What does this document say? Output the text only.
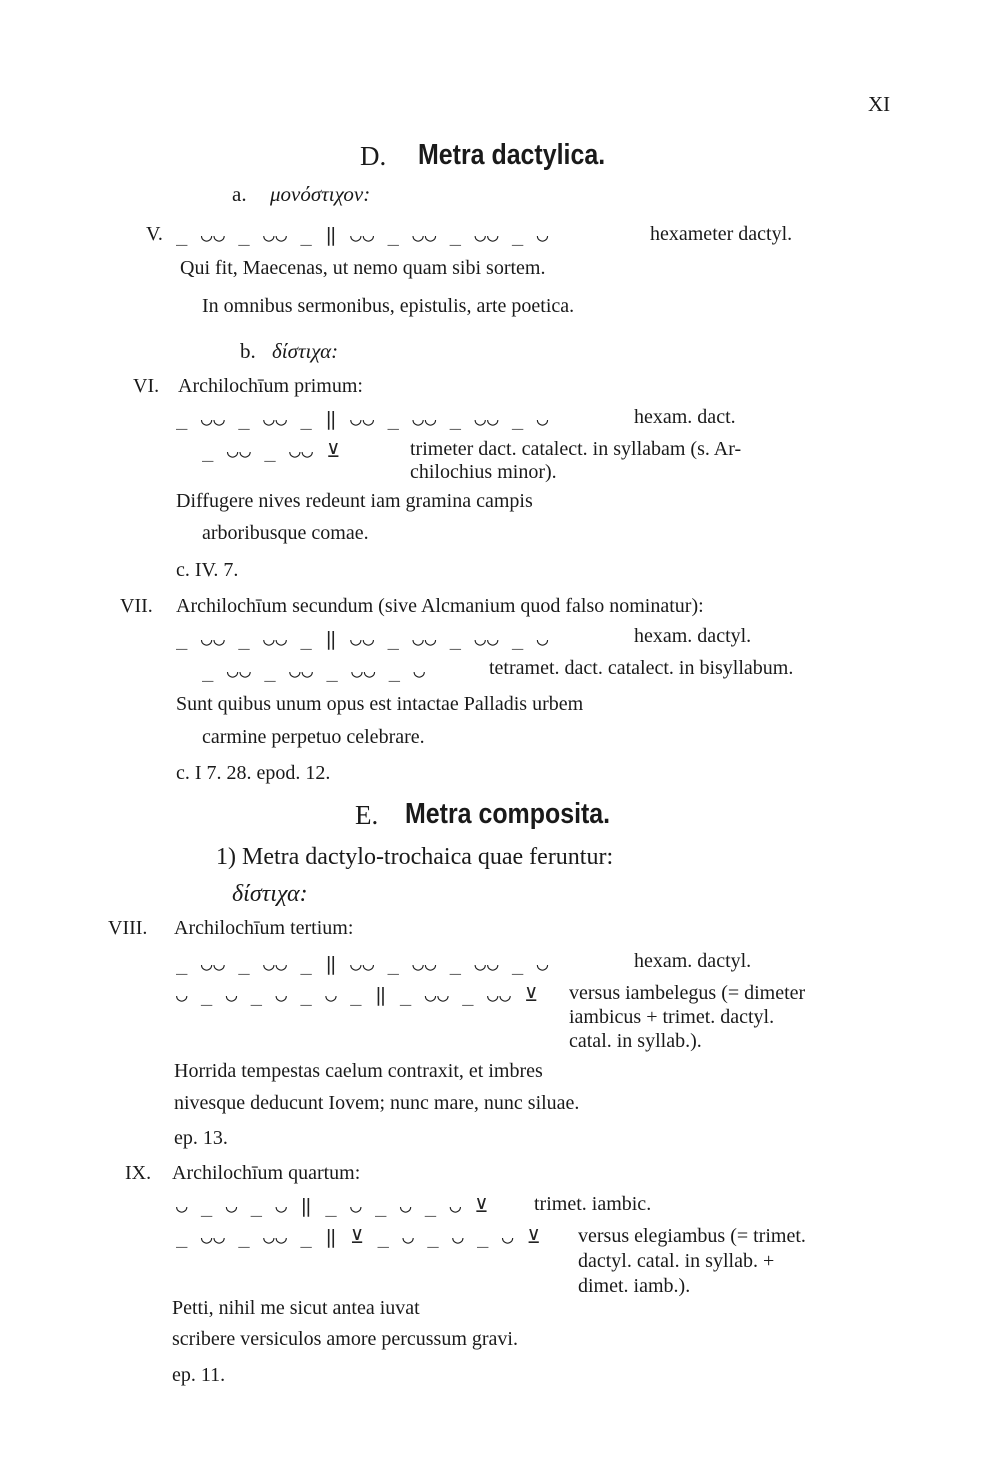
XI
D. Metra dactylica.
a. μονόστιχον:
V. _ ◡◡ _ ◡◡ _ ‖ ◡◡ _ ◡◡ _ ◡◡ _ ◡	hexameter dactyl.
Qui fit, Maecenas, ut nemo quam sibi sortem.
In omnibus sermonibus, epistulis, arte poetica.
b. δίστιχα:
VI. Archilochīum primum:
_ ◡◡ _ ◡◡ _ ‖ ◡◡ _ ◡◡ _ ◡◡ _ ◡	hexam. dact.
_ ◡◡ _ ◡◡ ⊻	trimeter dact. catalect. in syllabam (s. Ar-
chilochius minor).
Diffugere nives redeunt iam gramina campis
arboribusque comae.
c. IV. 7.
VII. Archilochīum secundum (sive Alcmanium quod falso nominatur):
_ ◡◡ _ ◡◡ _ ‖ ◡◡ _ ◡◡ _ ◡◡ _ ◡	hexam. dactyl.
_ ◡◡ _ ◡◡ _ ◡◡ _ ◡	tetramet. dact. catalect. in bisyllabum.
Sunt quibus unum opus est intactae Palladis urbem
carmine perpetuo celebrare.
c. I 7. 28. epod. 12.
E. Metra composita.
1) Metra dactylo-trochaica quae feruntur:
δίστιχα:
VIII. Archilochīum tertium:
_ ◡◡ _ ◡◡ _ ‖ ◡◡ _ ◡◡ _ ◡◡ _ ◡	hexam. dactyl.
◡ _ ◡ _ ◡ _ ◡ _ ‖ _ ◡◡ _ ◡◡ ⊻ versus iambelegus (= dimeter
iambicus + trimet. dactyl.
catal. in syllab.).
Horrida tempestas caelum contraxit, et imbres
nivesque deducunt Iovem; nunc mare, nunc siluae.
ep. 13.
IX. Archilochīum quartum:
◡ _ ◡ _ ◡ ‖ _ ◡ _ ◡ _ ◡ ⊻ trimet. iambic.
_ ◡◡ _ ◡◡ _ ‖ ⊻ _ ◡ _ ◡ _ ◡ ⊻ versus elegiambus (= trimet.
dactyl. catal. in syllab. +
dimet. iamb.).
Petti, nihil me sicut antea iuvat
scribere versiculos amore percussum gravi.
ep. 11.
